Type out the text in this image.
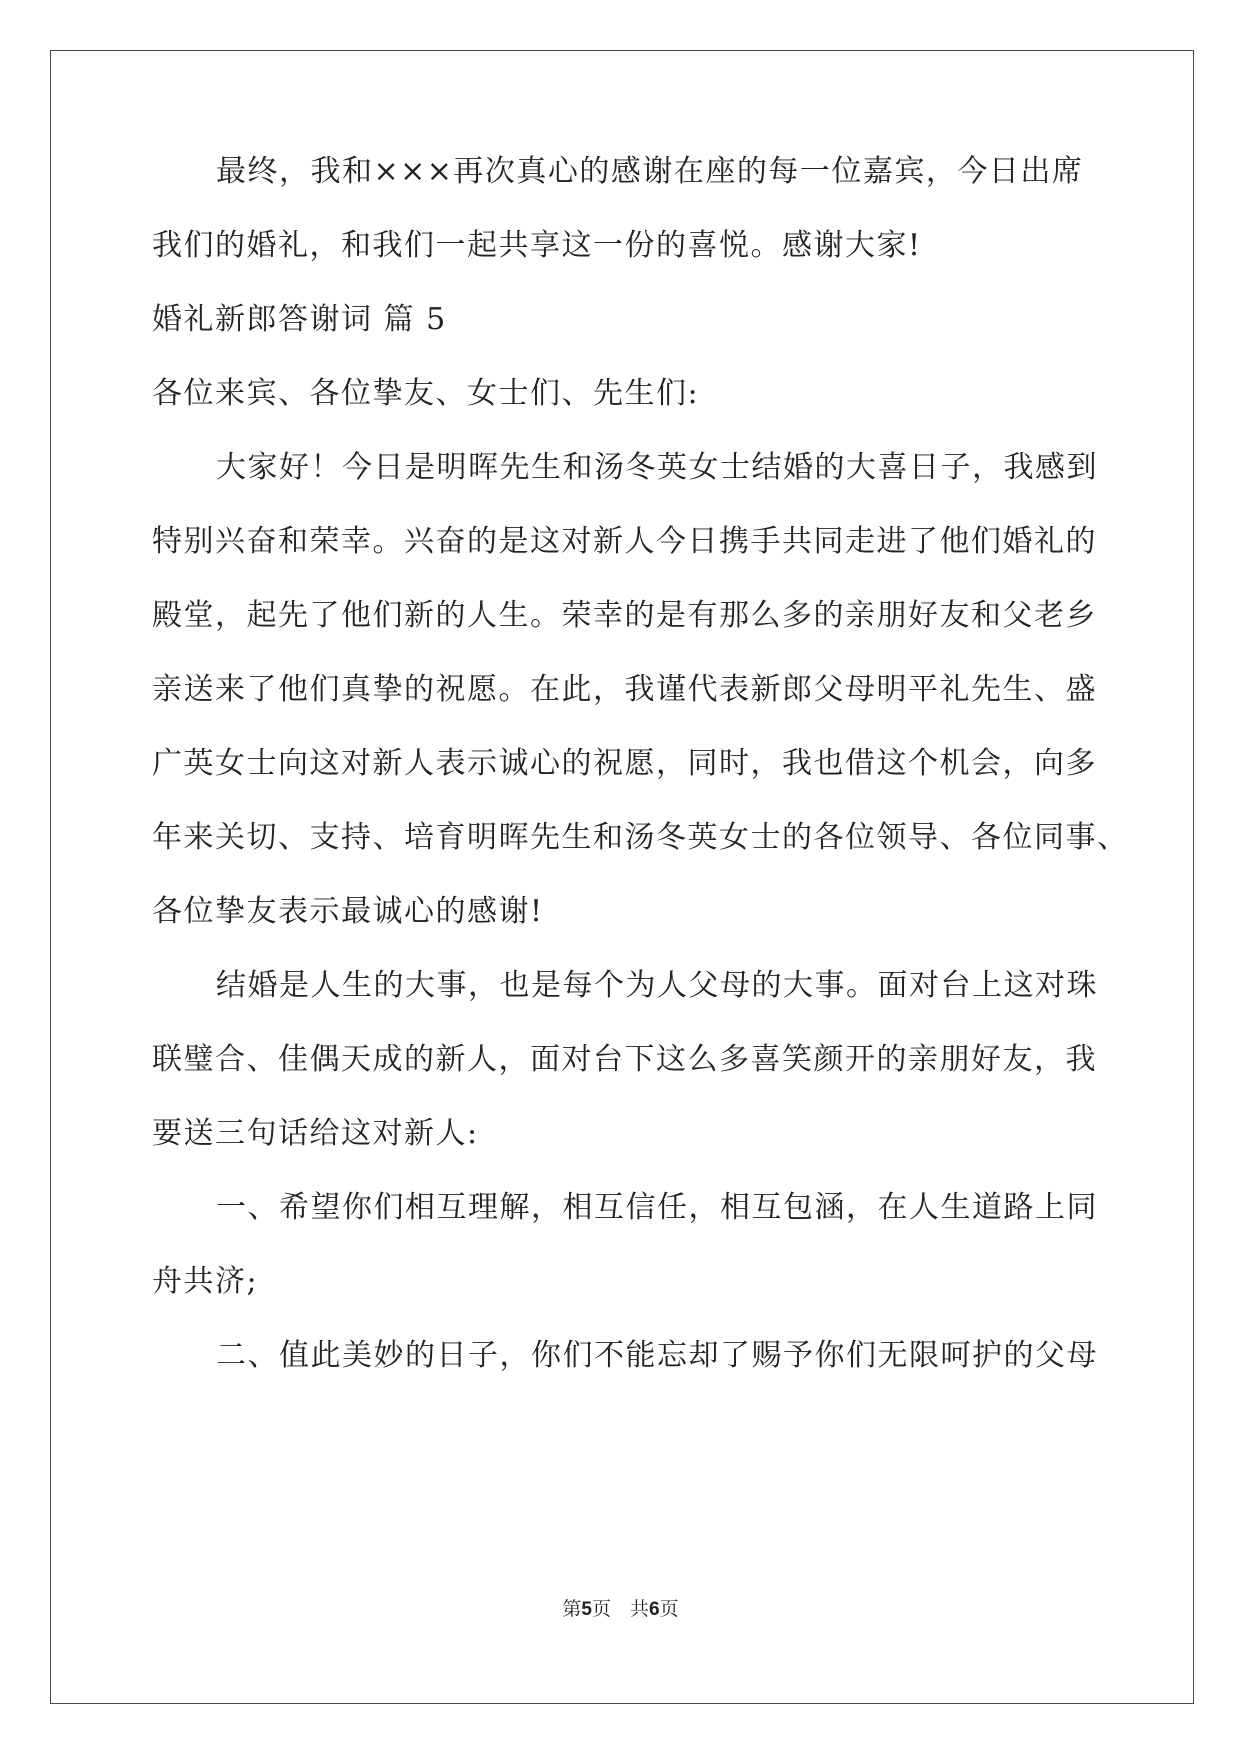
最终，我和×××再次真心的感谢在座的每一位嘉宾，今日出席
我们的婚礼，和我们一起共享这一份的喜悦。感谢大家!
婚礼新郎答谢词 篇 5
各位来宾、各位挚友、女士们、先生们:
大家好！今日是明晖先生和汤冬英女士结婚的大喜日子，我感到
特别兴奋和荣幸。兴奋的是这对新人今日携手共同走进了他们婚礼的
殿堂，起先了他们新的人生。荣幸的是有那么多的亲朋好友和父老乡
亲送来了他们真挚的祝愿。在此，我谨代表新郎父母明平礼先生、盛
广英女士向这对新人表示诚心的祝愿，同时，我也借这个机会，向多
年来关切、支持、培育明晖先生和汤冬英女士的各位领导、各位同事、
各位挚友表示最诚心的感谢!
结婚是人生的大事，也是每个为人父母的大事。面对台上这对珠
联璧合、佳偶天成的新人，面对台下这么多喜笑颜开的亲朋好友，我
要送三句话给这对新人:
一、希望你们相互理解，相互信任，相互包涵，在人生道路上同
舟共济;
二、值此美妙的日子，你们不能忘却了赐予你们无限呵护的父母
第5页　共6页
